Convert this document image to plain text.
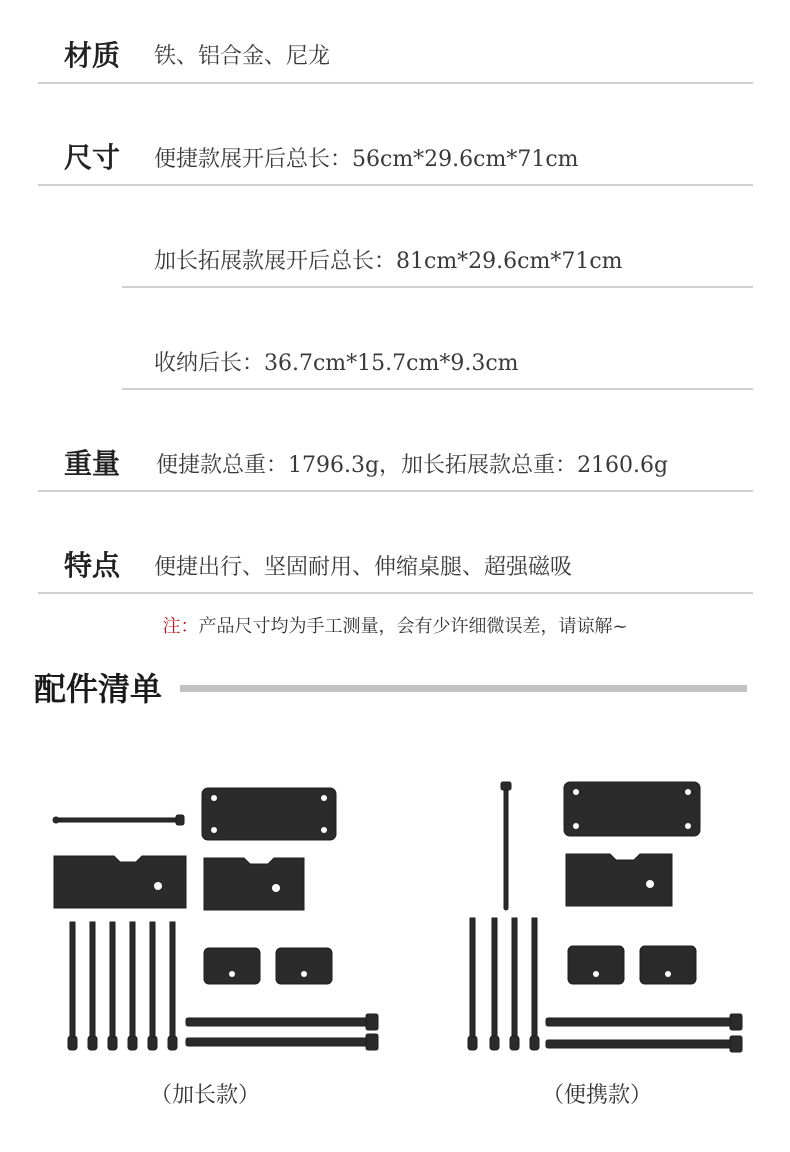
材质 铁、铝合金、尼龙
尺寸 便捷款展开后总长：56cm*29.6cm*71cm
加长拓展款展开后总长：81cm*29.6cm*71cm
收纳后长：36.7cm*15.7cm*9.3cm
重量 便捷款总重：1796.3g，加长拓展款总重：2160.6g
特点 便捷出行、坚固耐用、伸缩桌腿、超强磁吸
注：产品尺寸均为手工测量，会有少许细微误差，请谅解~
配件清单
（加长款）	（便携款）
